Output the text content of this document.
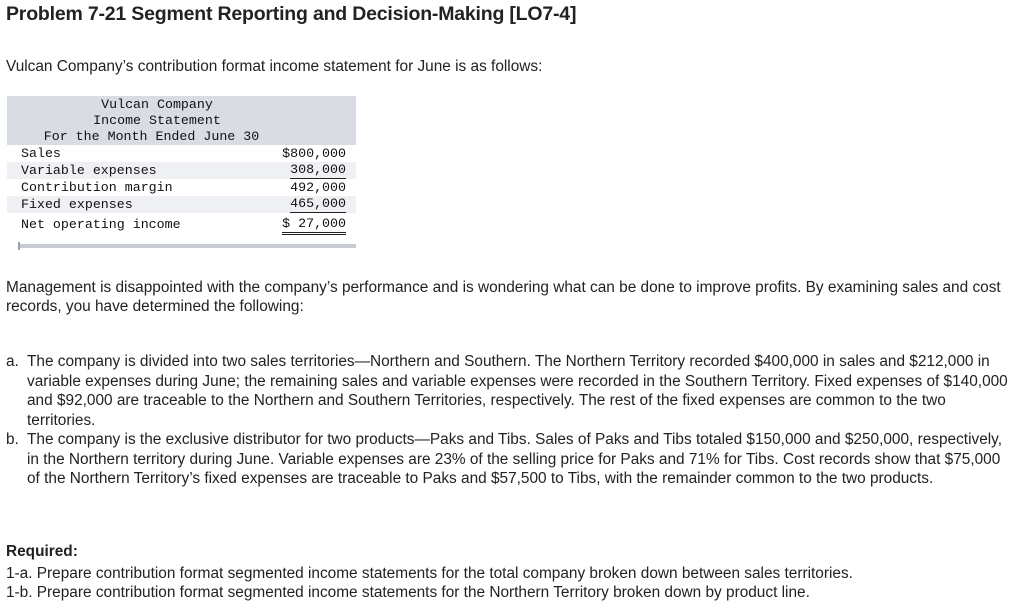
Problem 7-21 Segment Reporting and Decision-Making [LO7-4]
Vulcan Company’s contribution format income statement for June is as follows:
Vulcan Company
Income Statement
For the Month Ended June 30
Sales	$800,000
Variable expenses	308,000
Contribution margin	492,000
Fixed expenses	465,000
Net operating income	$ 27,000
Management is disappointed with the company’s performance and is wondering what can be done to improve profits. By examining sales and cost records, you have determined the following:
a. The company is divided into two sales territories—Northern and Southern. The Northern Territory recorded $400,000 in sales and $212,000 in variable expenses during June; the remaining sales and variable expenses were recorded in the Southern Territory. Fixed expenses of $140,000 and $92,000 are traceable to the Northern and Southern Territories, respectively. The rest of the fixed expenses are common to the two territories.
b. The company is the exclusive distributor for two products—Paks and Tibs. Sales of Paks and Tibs totaled $150,000 and $250,000, respectively, in the Northern territory during June. Variable expenses are 23% of the selling price for Paks and 71% for Tibs. Cost records show that $75,000 of the Northern Territory’s fixed expenses are traceable to Paks and $57,500 to Tibs, with the remainder common to the two products.
Required:
1-a. Prepare contribution format segmented income statements for the total company broken down between sales territories.
1-b. Prepare contribution format segmented income statements for the Northern Territory broken down by product line.
